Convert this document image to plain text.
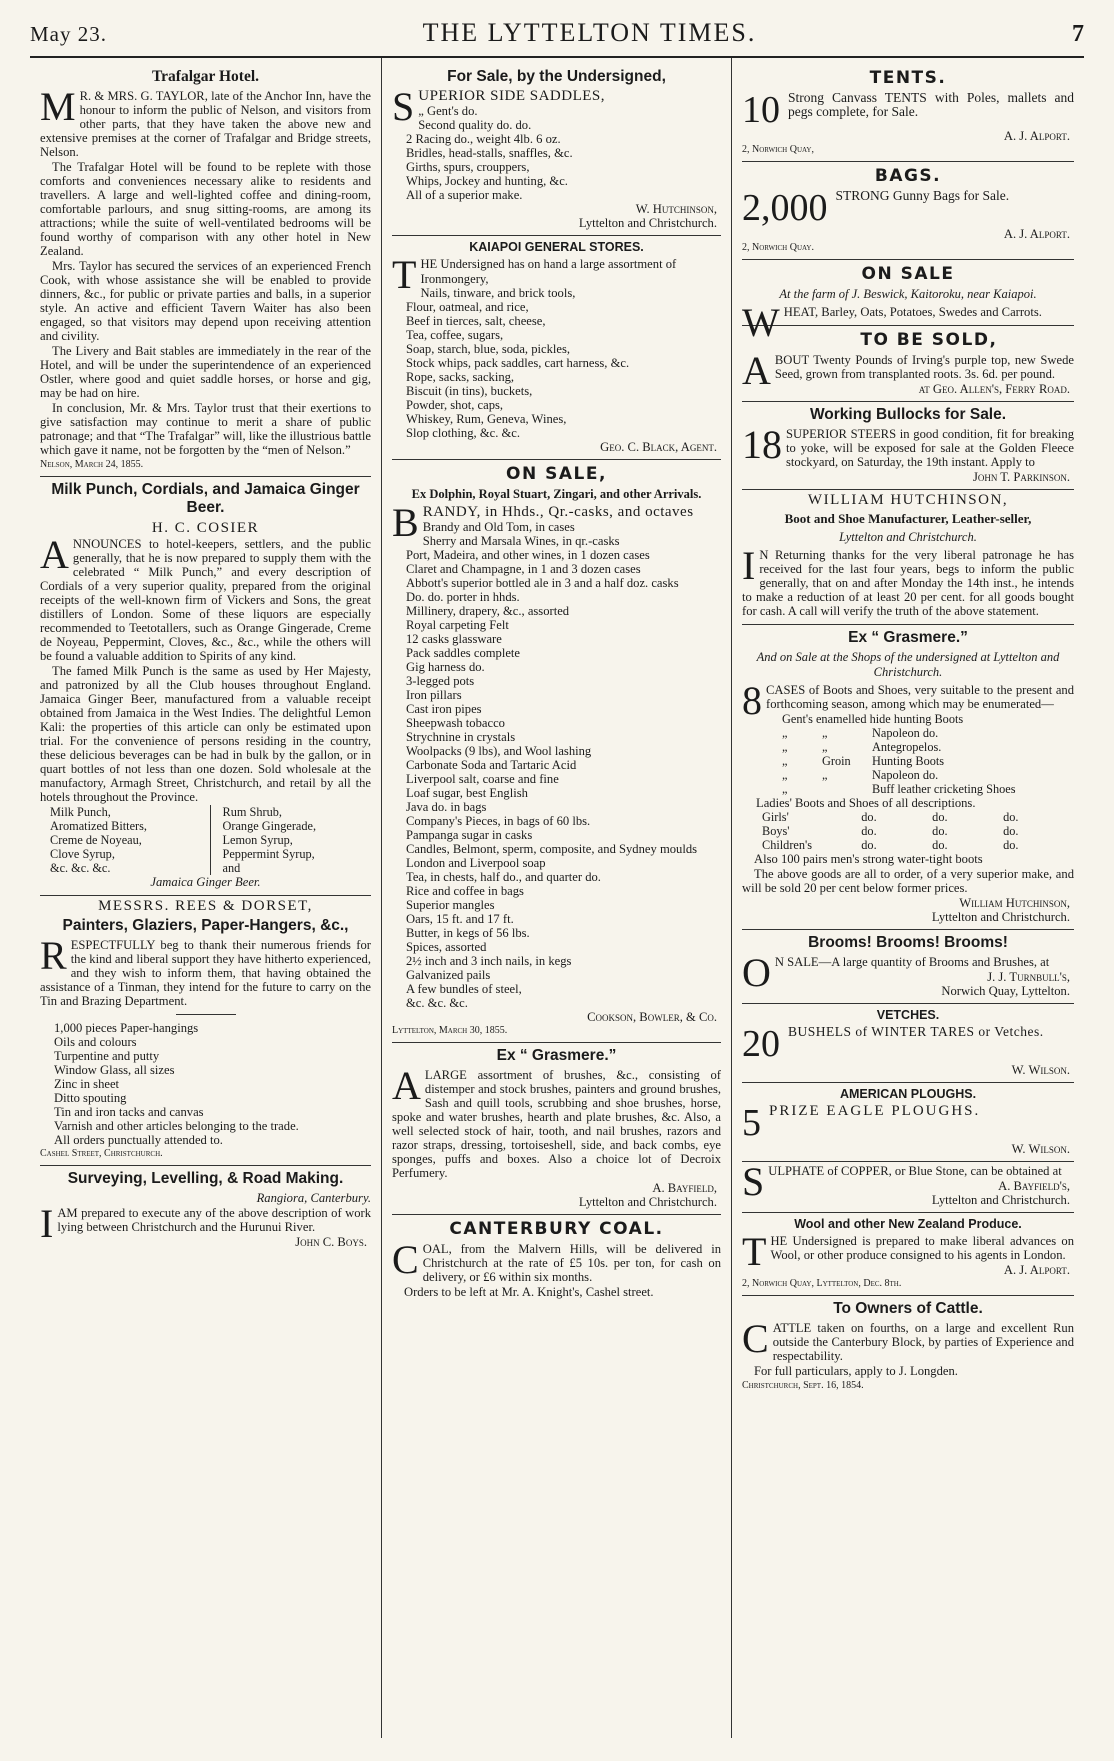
May 23.	THE LYTTELTON TIMES.	7
Trafalgar Hotel.

M R. & MRS. G. TAYLOR, late of the Anchor Inn, have the honour to inform the public of Nelson, and visitors from other parts, that they have taken the above new and extensive premises at the corner of Trafalgar and Bridge streets, Nelson.

The Trafalgar Hotel will be found to be replete with those comforts and conveniences necessary alike to residents and travellers. A large and well-lighted coffee and dining-room, comfortable parlours, and snug sitting-rooms, are among its attractions; while the suite of well-ventilated bedrooms will be found worthy of comparison with any other hotel in New Zealand.

Mrs. Taylor has secured the services of an experienced French Cook, with whose assistance she will be enabled to provide dinners, &c., for public or private parties and balls, in a superior style. An active and efficient Tavern Waiter has also been engaged, so that visitors may depend upon receiving attention and civility.

The Livery and Bait stables are immediately in the rear of the Hotel, and will be under the superintendence of an experienced Ostler, where good and quiet saddle horses, or horse and gig, may be had on hire.

In conclusion, Mr. & Mrs. Taylor trust that their exertions to give satisfaction may continue to merit a share of public patronage; and that “The Trafalgar” will, like the illustrious battle which gave it name, not be forgotten by the “men of Nelson.”

Nelson, March 24, 1855.
Milk Punch, Cordials, and Jamaica Ginger Beer.
H. C. COSIER

ANNOUNCES to hotel-keepers, settlers, and the public generally, that he is now prepared to supply them with the celebrated “ Milk Punch,” and every description of Cordials of a very superior quality, prepared from the original receipts of the well-known firm of Vickers and Sons, the great distillers of London. Some of these liquors are especially recommended to Teetotallers, such as Orange Gingerade, Creme de Noyeau, Peppermint, Cloves, &c., &c., while the others will be found a valuable addition to Spirits of any kind.

The famed Milk Punch is the same as used by Her Majesty, and patronized by all the Club houses throughout England. Jamaica Ginger Beer, manufactured from a valuable receipt obtained from Jamaica in the West Indies. The delightful Lemon Kali: the properties of this article can only be estimated upon trial. For the convenience of persons residing in the country, these delicious beverages can be had in bulk by the gallon, or in quart bottles of not less than one dozen. Sold wholesale at the manufactory, Armagh Street, Christchurch, and retail by all the hotels throughout the Province.

Milk Punch,	Rum Shrub,
Aromatized Bitters,	Orange Gingerade,
Creme de Noyeau,	Lemon Syrup,
Clove Syrup,	Peppermint Syrup,
&c. &c. &c.	and
Jamaica Ginger Beer.
MESSRS. REES & DORSET,
Painters, Glaziers, Paper-Hangers, &c.,

RESPECTFULLY beg to thank their numerous friends for the kind and liberal support they have hitherto experienced, and they wish to inform them, that having obtained the assistance of a Tinman, they intend for the future to carry on the Tin and Brazing Department.

1,000 pieces Paper-hangings
Oils and colours
Turpentine and putty
Window Glass, all sizes
Zinc in sheet
Ditto spouting
Tin and iron tacks and canvas
Varnish and other articles belonging to the trade.
All orders punctually attended to.
Cashel Street, Christchurch.
Surveying, Levelling, & Road Making.
Rangiora, Canterbury.

IAM prepared to execute any of the above description of work lying between Christchurch and the Hurunui River.

John C. Boys.
For Sale, by the Undersigned,

SUPERIOR SIDE SADDLES,

„ Gent's do.
Second quality do. do.
2 Racing do., weight 4lb. 6 oz.
Bridles, head-stalls, snaffles, &c.
Girths, spurs, crouppers,
Whips, Jockey and hunting, &c.
All of a superior make.
W. Hutchinson,
Lyttelton and Christchurch.
KAIAPOI GENERAL STORES.

THE Undersigned has on hand a large assortment of

Ironmongery,
Nails, tinware, and brick tools,
Flour, oatmeal, and rice,
Beef in tierces, salt, cheese,
Tea, coffee, sugars,
Soap, starch, blue, soda, pickles,
Stock whips, pack saddles, cart harness, &c.
Rope, sacks, sacking,
Biscuit (in tins), buckets,
Powder, shot, caps,
Whiskey, Rum, Geneva, Wines,
Slop clothing, &c. &c.
Geo. C. Black, Agent.
ON SALE,
Ex Dolphin, Royal Stuart, Zingari, and other Arrivals.

BRANDY, in Hhds., Qr.-casks, and octaves

Brandy and Old Tom, in cases
Sherry and Marsala Wines, in qr.-casks
Port, Madeira, and other wines, in 1 dozen cases
Claret and Champagne, in 1 and 3 dozen cases
Abbott's superior bottled ale in 3 and a half doz. casks
Do. do. porter in hhds.
Millinery, drapery, &c., assorted
Royal carpeting Felt
12 casks glassware
Pack saddles complete
Gig harness do.
3-legged pots
Iron pillars
Cast iron pipes
Sheepwash tobacco
Strychnine in crystals
Woolpacks (9 lbs), and Wool lashing
Carbonate Soda and Tartaric Acid
Liverpool salt, coarse and fine
Loaf sugar, best English
Java do. in bags
Company's Pieces, in bags of 60 lbs.
Pampanga sugar in casks
Candles, Belmont, sperm, composite, and Sydney moulds
London and Liverpool soap
Tea, in chests, half do., and quarter do.
Rice and coffee in bags
Superior mangles
Oars, 15 ft. and 17 ft.
Butter, in kegs of 56 lbs.
Spices, assorted
2½ inch and 3 inch nails, in kegs
Galvanized pails
A few bundles of steel,
&c. &c. &c.
Cookson, Bowler, & Co.
Lyttelton, March 30, 1855.
Ex “ Grasmere.”

ALARGE assortment of brushes, &c., consisting of distemper and stock brushes, painters and ground brushes, Sash and quill tools, scrubbing and shoe brushes, horse, spoke and water brushes, hearth and plate brushes, &c. Also, a well selected stock of hair, tooth, and nail brushes, razors and razor straps, dressing, tortoiseshell, side, and back combs, eye sponges, puffs and boxes. Also a choice lot of Decroix Perfumery.

A. Bayfield,
Lyttelton and Christchurch.
CANTERBURY COAL.

COAL, from the Malvern Hills, will be delivered in Christchurch at the rate of £5 10s. per ton, for cash on delivery, or £6 within six months.

Orders to be left at Mr. A. Knight's, Cashel street.

TENTS.
10 Strong Canvass TENTS with Poles, mallets and pegs complete, for Sale.
A. J. Alport.
2, Norwich Quay,
BAGS.
2,000 STRONG Gunny Bags for Sale.
A. J. Alport.
2, Norwich Quay.
ON SALE
At the farm of J. Beswick, Kaitoroku, near Kaiapoi.

WHEAT, Barley, Oats, Potatoes, Swedes and Carrots.

TO BE SOLD,

ABOUT Twenty Pounds of Irving's purple top, new Swede Seed, grown from transplanted roots. 3s. 6d. per pound.

at Geo. Allen's, Ferry Road.
Working Bullocks for Sale.

18 SUPERIOR STEERS in good condition, fit for breaking to yoke, will be exposed for sale at the Golden Fleece stockyard, on Saturday, the 19th instant. Apply to

John T. Parkinson.
WILLIAM HUTCHINSON,
Boot and Shoe Manufacturer, Leather-seller,
Lyttelton and Christchurch.

I N Returning thanks for the very liberal patronage he has received for the last four years, begs to inform the public generally, that on and after Monday the 14th inst., he intends to make a reduction of at least 20 per cent. for all goods bought for cash. A call will verify the truth of the above statement.

Ex “ Grasmere.”
And on Sale at the Shops of the undersigned at Lyttelton and Christchurch.

8 CASES of Boots and Shoes, very suitable to the present and forthcoming season, among which may be enumerated—

Gent's enamelled hide hunting Boots
„	„	Napoleon do.
„	„	Antegropelos.
„	Groin	Hunting Boots
„	„	Napoleon do.
„	Buff leather cricketing Shoes
Ladies' Boots and Shoes of all descriptions.
Girls'	do.	do.	do.
Boys'	do.	do.	do.
Children's	do.	do.	do.

Also 100 pairs men's strong water-tight boots

The above goods are all to order, of a very superior make, and will be sold 20 per cent below former prices.

William Hutchinson,
Lyttelton and Christchurch.
Brooms! Brooms! Brooms!

O N SALE—A large quantity of Brooms and Brushes, at

J. J. Turnbull's,
Norwich Quay, Lyttelton.
VETCHES.
20 BUSHELS of WINTER TARES or Vetches.
W. Wilson.
AMERICAN PLOUGHS.
5 PRIZE EAGLE PLOUGHS.
W. Wilson.

SULPHATE of COPPER, or Blue Stone, can be obtained at

A. Bayfield's,
Lyttelton and Christchurch.
Wool and other New Zealand Produce.

THE Undersigned is prepared to make liberal advances on Wool, or other produce consigned to his agents in London.

A. J. Alport.
2, Norwich Quay, Lyttelton, Dec. 8th.
To Owners of Cattle.

CATTLE taken on fourths, on a large and excellent Run outside the Canterbury Block, by parties of Experience and respectability.

For full particulars, apply to J. Longden.

Christchurch, Sept. 16, 1854.
